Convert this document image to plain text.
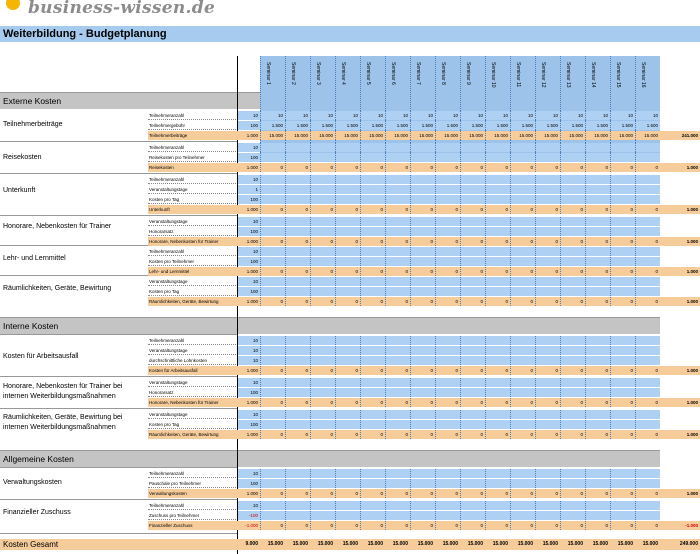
business-wissen.de
Weiterbildung - Budgetplanung
Externe Kosten
Interne Kosten
Allgemeine Kosten
Kosten Gesamt	9.000	15.000	15.000	15.000	15.000	15.000	15.000	15.000	15.000	15.000	15.000	15.000	15.000	15.000	15.000	15.000	15.000	249.000
Seminar 1	Seminar 2	Seminar 3	Seminar 4	Seminar 5	Seminar 6	Seminar 7	Seminar 8	Seminar 9	Seminar 10	Seminar 11	Seminar 12	Seminar 13	Seminar 14	Seminar 15	Seminar 16
Teilnehmerbeiträge
Reisekosten
Unterkunft
Honorare, Nebenkosten für Trainer
Lehr- und Lernmittel
Räumlichkeiten, Geräte, Bewirtung
Kosten für Arbeitsausfall
Honorare, Nebenkosten für Trainer bei internen Weiterbildungsmaßnahmen
Räumlichkeiten, Geräte, Bewirtung bei internen Weiterbildungsmaßnahmen
Verwaltungskosten
Finanzieller Zuschuss
Teilnehmeranzahl	10	10	10	10	10	10	10	10	10	10	10	10	10	10	10	10	10
Teilnehmergebühr	100	1.500	1.500	1.500	1.500	1.500	1.500	1.500	1.500	1.500	1.500	1.500	1.500	1.500	1.500	1.500	1.500
Teilnehmerbeiträge	1.000	15.000	15.000	15.000	15.000	15.000	15.000	15.000	15.000	15.000	15.000	15.000	15.000	15.000	15.000	15.000	15.000	241.000
Teilnehmeranzahl	10
Reisekosten pro Teilnehmer	100
Reisekosten	1.000	0	0	0	0	0	0	0	0	0	0	0	0	0	0	0	0	1.000
Teilnehmeranzahl	10
Veranstaltungstage	1
Kosten pro Tag	100
Unterkunft	1.000	0	0	0	0	0	0	0	0	0	0	0	0	0	0	0	0	1.000
Veranstaltungstage	10
Honorarsatz	100
Honorare, Nebenkosten für Trainer	1.000	0	0	0	0	0	0	0	0	0	0	0	0	0	0	0	0	1.000
Teilnehmeranzahl	10
Kosten pro Teilnehmer	100
Lehr- und Lernmittel	1.000	0	0	0	0	0	0	0	0	0	0	0	0	0	0	0	0	1.000
Veranstaltungstage	10
Kosten pro Tag	100
Räumlichkeiten, Geräte, Bewirtung	1.000	0	0	0	0	0	0	0	0	0	0	0	0	0	0	0	0	1.000
Teilnehmeranzahl	10
Veranstaltungstage	10
durchschnittliche Lohnkosten	10
Kosten für Arbeitsausfall	1.000	0	0	0	0	0	0	0	0	0	0	0	0	0	0	0	0	1.000
Veranstaltungstage	10
Honorarsatz	100
Honorare, Nebenkosten für Trainer	1.000	0	0	0	0	0	0	0	0	0	0	0	0	0	0	0	0	1.000
Veranstaltungstage	10
Kosten pro Tag	100
Räumlichkeiten, Geräte, Bewirtung	1.000	0	0	0	0	0	0	0	0	0	0	0	0	0	0	0	0	1.000
Teilnehmeranzahl	10
Pauschale pro Teilnehmer	100
Verwaltungskosten	1.000	0	0	0	0	0	0	0	0	0	0	0	0	0	0	0	0	1.000
Teilnehmeranzahl	10
Zuschuss pro Teilnehmer	-100
Finanzieller Zuschuss	-1.000	0	0	0	0	0	0	0	0	0	0	0	0	0	0	0	0	-1.000
